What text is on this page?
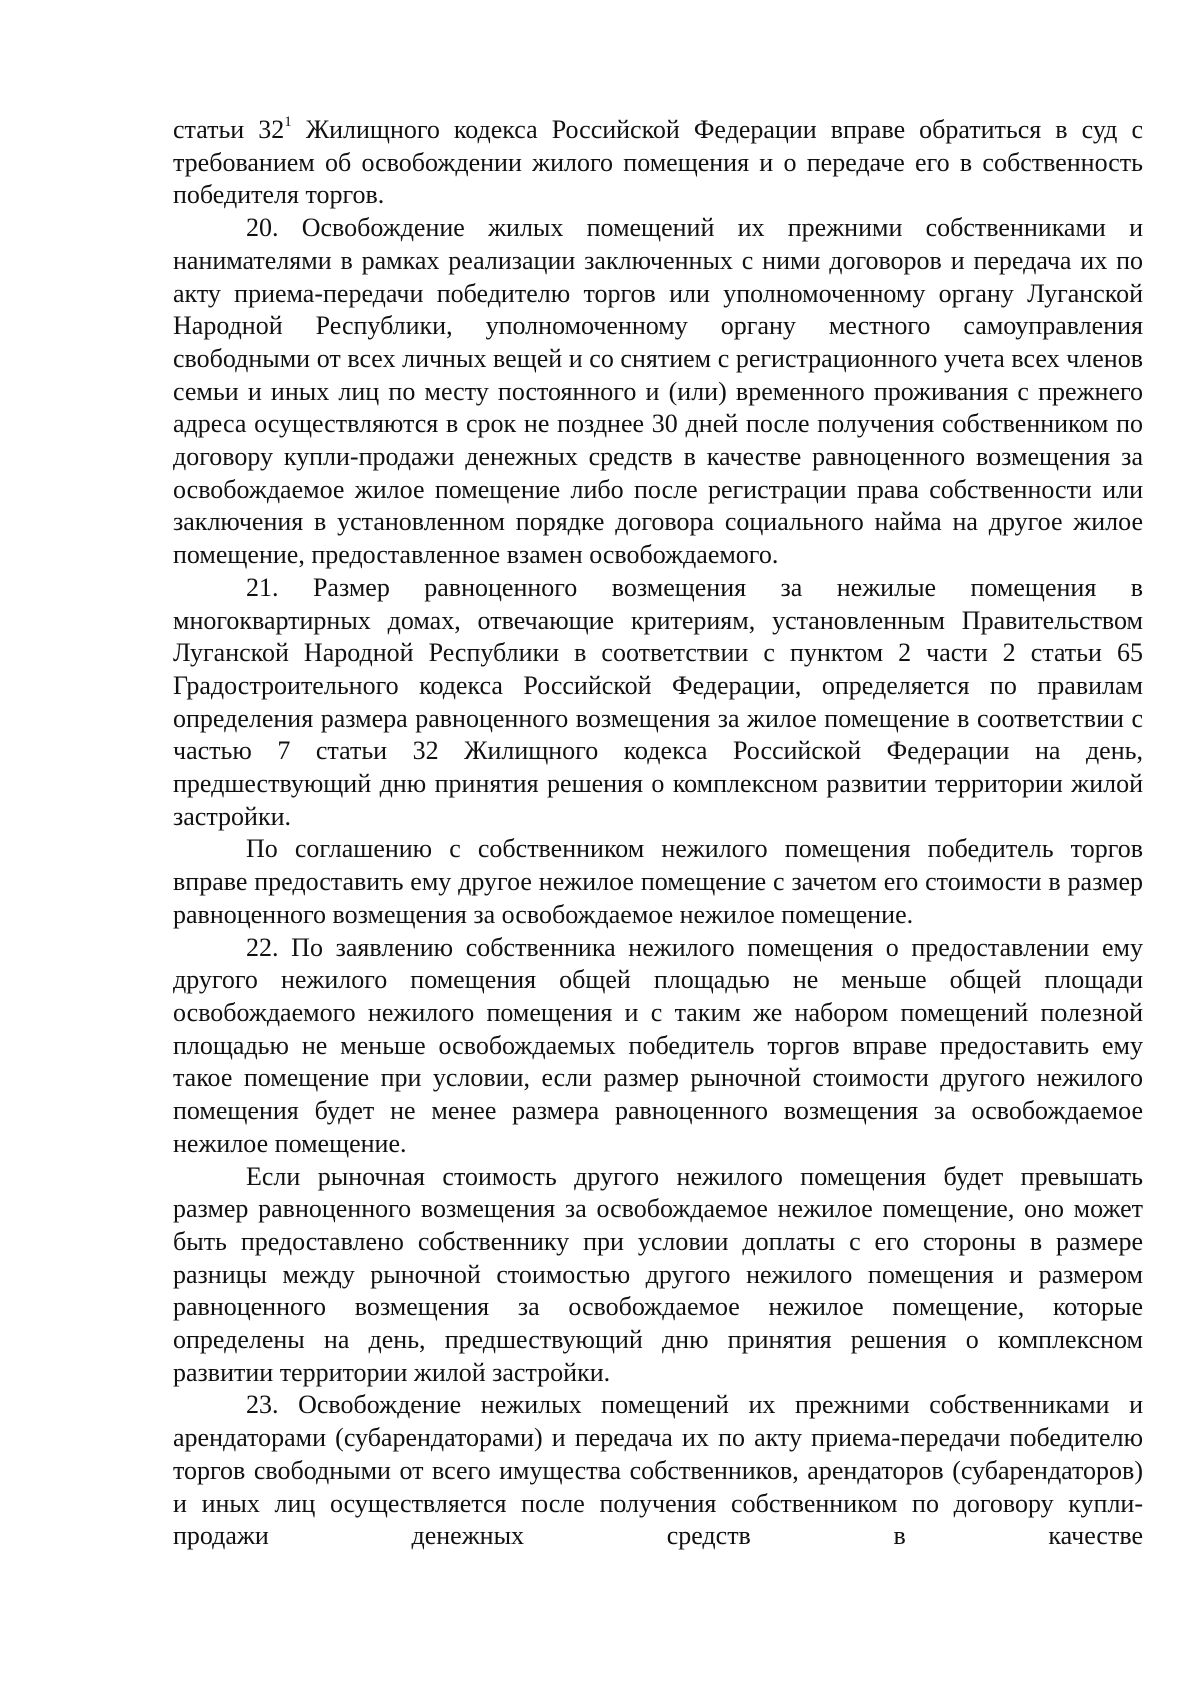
статьи $32^1$ Жилищного кодекса Российской Федерации вправе обратиться в суд с требованием об освобождении жилого помещения и о передаче его в собственность победителя торгов.

20. Освобождение жилых помещений их прежними собственниками и нанимателями в рамках реализации заключенных с ними договоров и передача их по акту приема-передачи победителю торгов или уполномоченному органу Луганской Народной Республики, уполномоченному органу местного самоуправления свободными от всех личных вещей и со снятием с регистрационного учета всех членов семьи и иных лиц по месту постоянного и (или) временного проживания с прежнего адреса осуществляются в срок не позднее 30 дней после получения собственником по договору купли-продажи денежных средств в качестве равноценного возмещения за освобождаемое жилое помещение либо после регистрации права собственности или заключения в установленном порядке договора социального найма на другое жилое помещение, предоставленное взамен освобождаемого.

21. Размер равноценного возмещения за нежилые помещения в многоквартирных домах, отвечающие критериям, установленным Правительством Луганской Народной Республики в соответствии с пунктом 2 части 2 статьи 65 Градостроительного кодекса Российской Федерации, определяется по правилам определения размера равноценного возмещения за жилое помещение в соответствии с частью 7 статьи 32 Жилищного кодекса Российской Федерации на день, предшествующий дню принятия решения о комплексном развитии территории жилой застройки.

По соглашению с собственником нежилого помещения победитель торгов вправе предоставить ему другое нежилое помещение с зачетом его стоимости в размер равноценного возмещения за освобождаемое нежилое помещение.

22. По заявлению собственника нежилого помещения о предоставлении ему другого нежилого помещения общей площадью не меньше общей площади освобождаемого нежилого помещения и с таким же набором помещений полезной площадью не меньше освобождаемых победитель торгов вправе предоставить ему такое помещение при условии, если размер рыночной стоимости другого нежилого помещения будет не менее размера равноценного возмещения за освобождаемое нежилое помещение.

Если рыночная стоимость другого нежилого помещения будет превышать размер равноценного возмещения за освобождаемое нежилое помещение, оно может быть предоставлено собственнику при условии доплаты с его стороны в размере разницы между рыночной стоимостью другого нежилого помещения и размером равноценного возмещения за освобождаемое нежилое помещение, которые определены на день, предшествующий дню принятия решения о комплексном развитии территории жилой застройки.

23. Освобождение нежилых помещений их прежними собственниками и арендаторами (субарендаторами) и передача их по акту приема-передачи победителю торгов свободными от всего имущества собственников, арендаторов (субарендаторов) и иных лиц осуществляется после получения собственником по договору купли-продажи денежных средств в качестве
